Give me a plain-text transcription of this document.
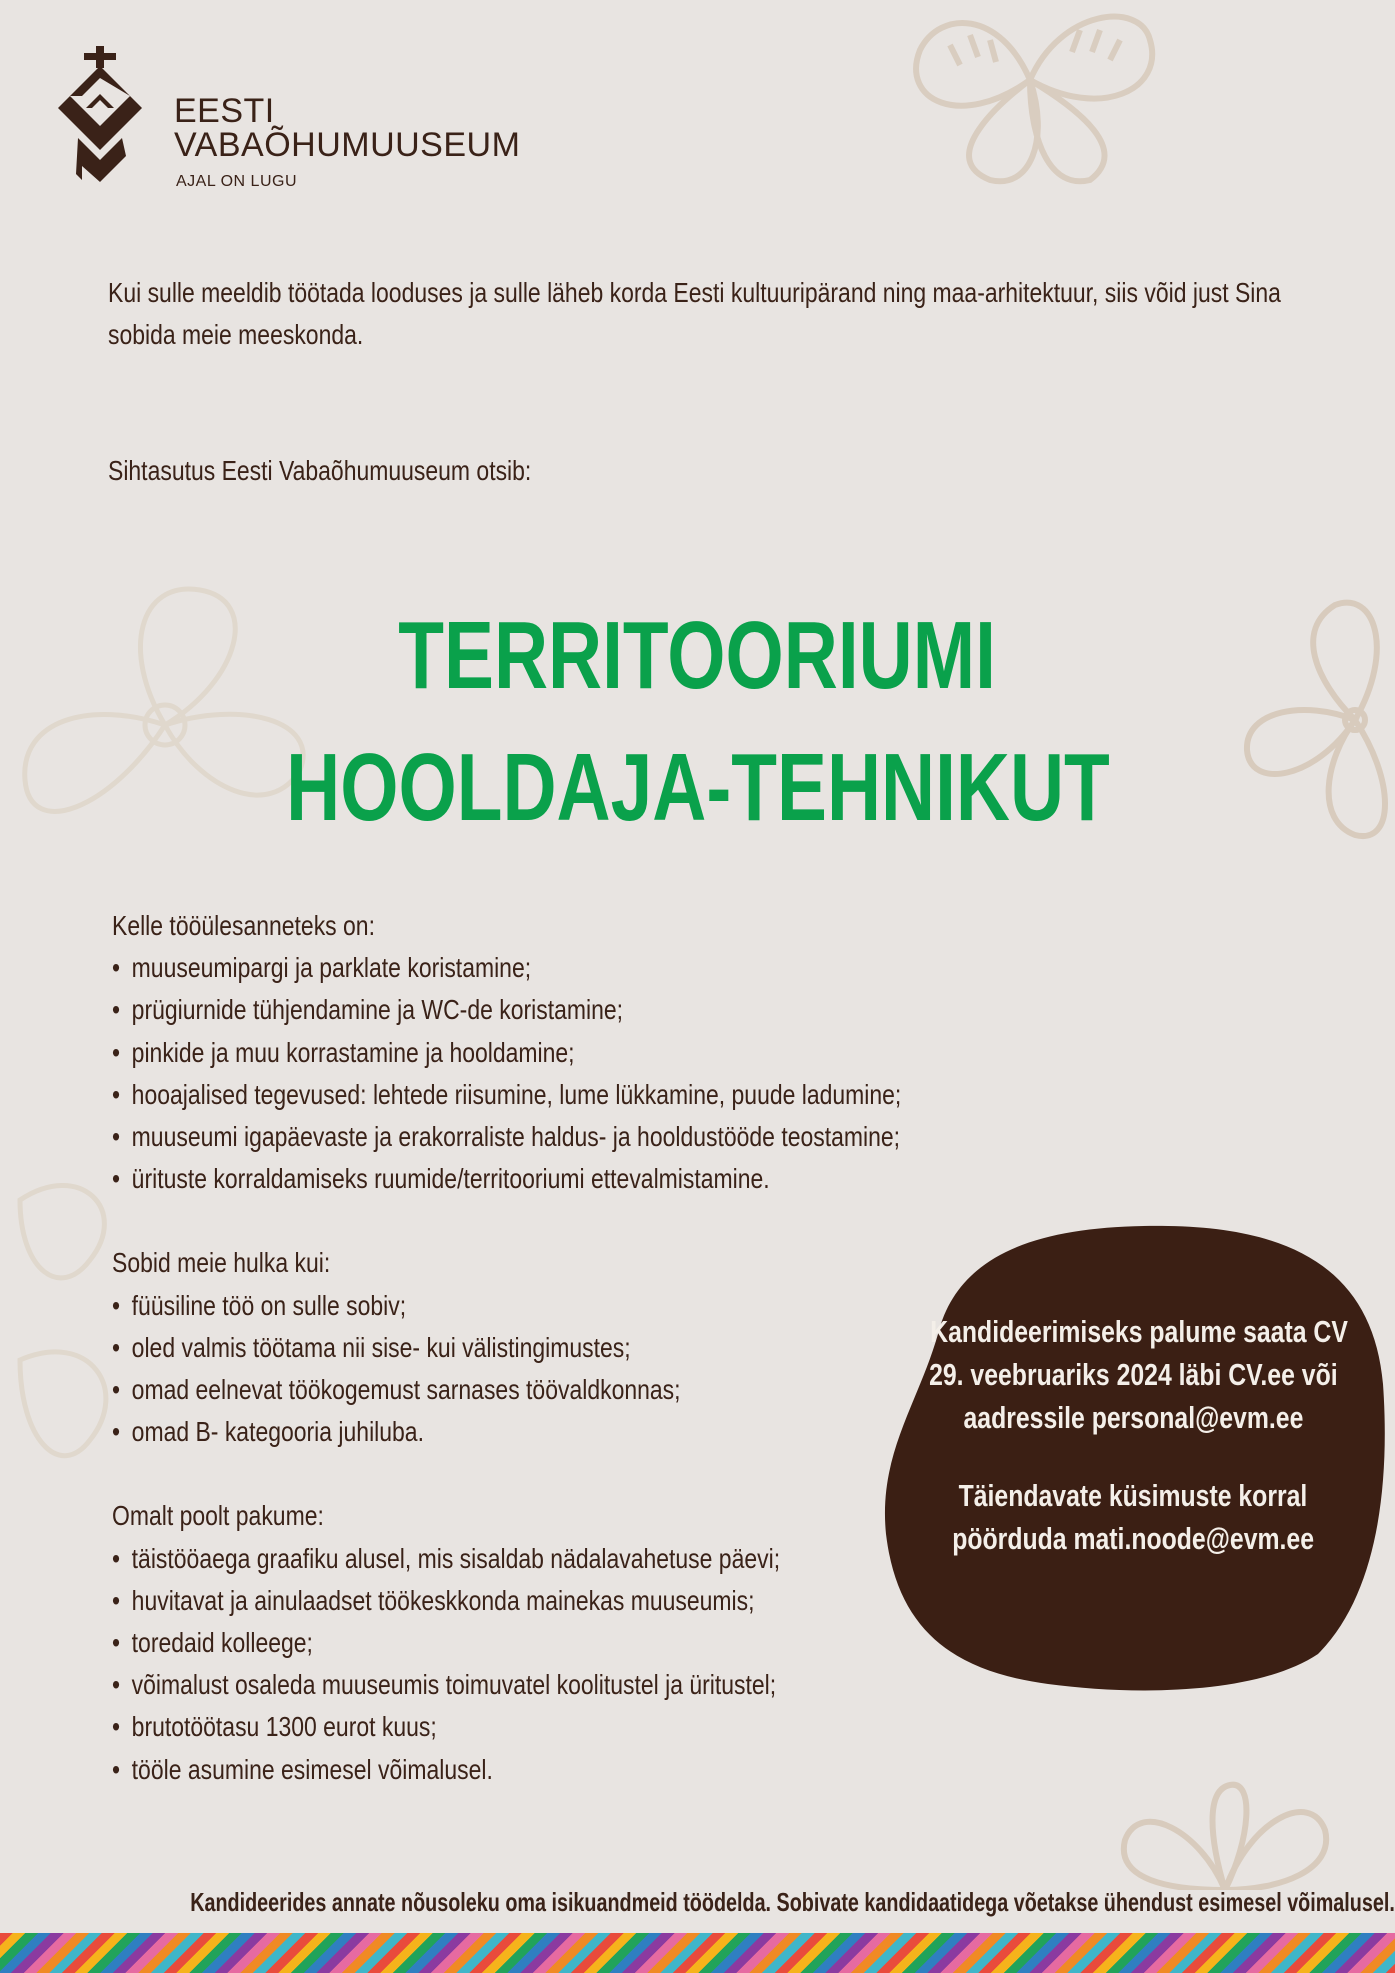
EESTI
VABAÕHUMUUSEUM
AJAL ON LUGU
Kui sulle meeldib töötada looduses ja sulle läheb korda Eesti kultuuripärand ning maa-arhitektuur, siis võid just Sina sobida meie meeskonda.
Sihtasutus Eesti Vabaõhumuuseum otsib:
TERRITOORIUMI
HOOLDAJA-TEHNIKUT

Kelle tööülesanneteks on:

• muuseumipargi ja parklate koristamine;
• prügiurnide tühjendamine ja WC-de koristamine;
• pinkide ja muu korrastamine ja hooldamine;
• hooajalised tegevused: lehtede riisumine, lume lükkamine, puude ladumine;
• muuseumi igapäevaste ja erakorraliste haldus- ja hooldustööde teostamine;
• ürituste korraldamiseks ruumide/territooriumi ettevalmistamine.

Sobid meie hulka kui:

• füüsiline töö on sulle sobiv;
• oled valmis töötama nii sise- kui välistingimustes;
• omad eelnevat töökogemust sarnases töövaldkonnas;
• omad B- kategooria juhiluba.

Omalt poolt pakume:

• täistööaega graafiku alusel, mis sisaldab nädalavahetuse päevi;
• huvitavat ja ainulaadset töökeskkonda mainekas muuseumis;
• toredaid kolleege;
• võimalust osaleda muuseumis toimuvatel koolitustel ja üritustel;
• brutotöötasu 1300 eurot kuus;
• tööle asumine esimesel võimalusel.
Kandideerimiseks palume saata CV
29. veebruariks 2024 läbi CV.ee või
aadressile personal@evm.ee
Täiendavate küsimuste korral
pöörduda mati.noode@evm.ee
Kandideerides annate nõusoleku oma isikuandmeid töödelda. Sobivate kandidaatidega võetakse ühendust esimesel võimalusel.
